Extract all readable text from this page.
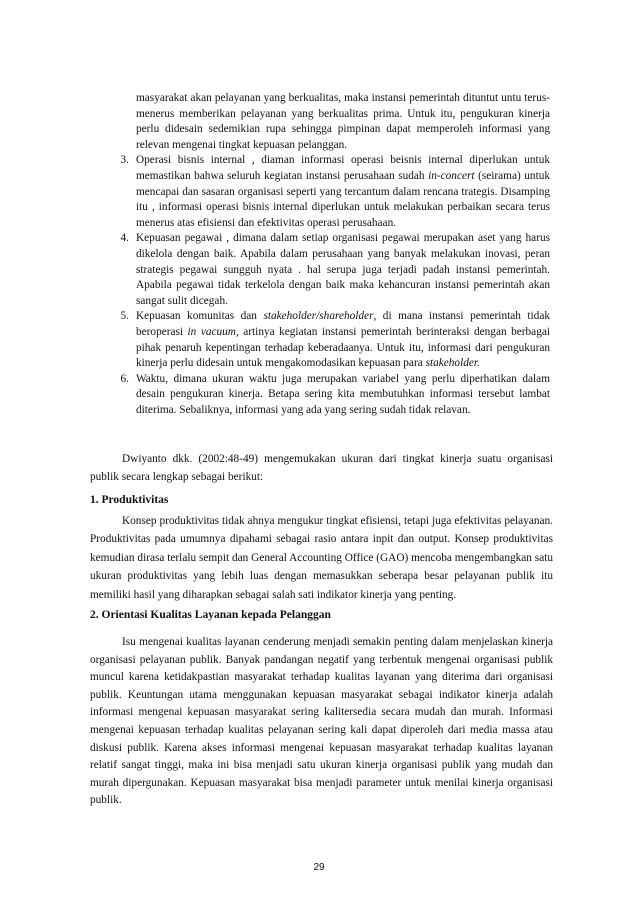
masyarakat akan pelayanan yang berkualitas, maka instansi pemerintah dituntut untu terus-menerus memberikan pelayanan yang berkualitas prima. Untuk itu, pengukuran kinerja perlu didesain sedemikian rupa sehingga pimpinan dapat memperoleh informasi yang relevan mengenai tingkat kepuasan pelanggan.

3. Operasi bisnis internal , diaman informasi operasi beisnis internal diperlukan untuk memastikan bahwa seluruh kegiatan instansi perusahaan sudah in-concert (seirama) untuk mencapai dan sasaran organisasi seperti yang tercantum dalam rencana trategis. Disamping itu , informasi operasi bisnis internal diperlukan untuk melakukan perbaikan secara terus menerus atas efisiensi dan efektivitas operasi perusahaan.
4. Kepuasan pegawai , dimana dalam setiap organisasi pegawai merupakan aset yang harus dikelola dengan baik. Apabila dalam perusahaan yang banyak melakukan inovasi, peran strategis pegawai sungguh nyata . hal serupa juga terjadi padah instansi pemerintah. Apabila pegawai tidak terkelola dengan baik maka kehancuran instansi pemerintah akan sangat sulit dicegah.
5. Kepuasan komunitas dan stakeholder/shareholder, di mana instansi pemerintah tidak beroperasi in vacuum, artinya kegiatan instansi pemerintah berinteraksi dengan berbagai pihak penaruh kepentingan terhadap keberadaanya. Untuk itu, informasi dari pengukuran kinerja perlu didesain untuk mengakomodasikan kepuasan para stakeholder.
6. Waktu, dimana ukuran waktu juga merupakan variabel yang perlu diperhatikan dalam desain pengukuran kinerja. Betapa sering kita membutuhkan informasi tersebut lambat diterima. Sebaliknya, informasi yang ada yang sering sudah tidak relavan.

Dwiyanto dkk. (2002:48-49) mengemukakan ukuran dari tingkat kinerja suatu organisasi publik secara lengkap sebagai berikut:

1. Produktivitas

Konsep produktivitas tidak ahnya mengukur tingkat efisiensi, tetapi juga efektivitas pelayanan. Produktivitas pada umumnya dipahami sebagai rasio antara inpit dan output. Konsep produktivitas kemudian dirasa terlalu sempit dan General Accounting Office (GAO) mencoba mengembangkan satu ukuran produktivitas yang lebih luas dengan memasukkan seberapa besar pelayanan publik itu memiliki hasil yang diharapkan sebagai salah sati indikator kinerja yang penting.

2. Orientasi Kualitas Layanan kepada Pelanggan

Isu mengenai kualitas layanan cenderung menjadi semakin penting dalam menjelaskan kinerja organisasi pelayanan publik. Banyak pandangan negatif yang terbentuk mengenai organisasi publik muncul karena ketidakpastian masyarakat terhadap kualitas layanan yang diterima dari organisasi publik. Keuntungan utama menggunakan kepuasan masyarakat sebagai indikator kinerja adalah informasi mengenai kepuasan masyarakat sering kalitersedia secara mudah dan murah. Informasi mengenai kepuasan terhadap kualitas pelayanan sering kali dapat diperoleh dari media massa atau diskusi publik. Karena akses informasi mengenai kepuasan masyarakat terhadap kualitas layanan relatif sangat tinggi, maka ini bisa menjadi satu ukuran kinerja organisasi publik yang mudah dan murah dipergunakan. Kepuasan masyarakat bisa menjadi parameter untuk menilai kinerja organisasi publik.

29
